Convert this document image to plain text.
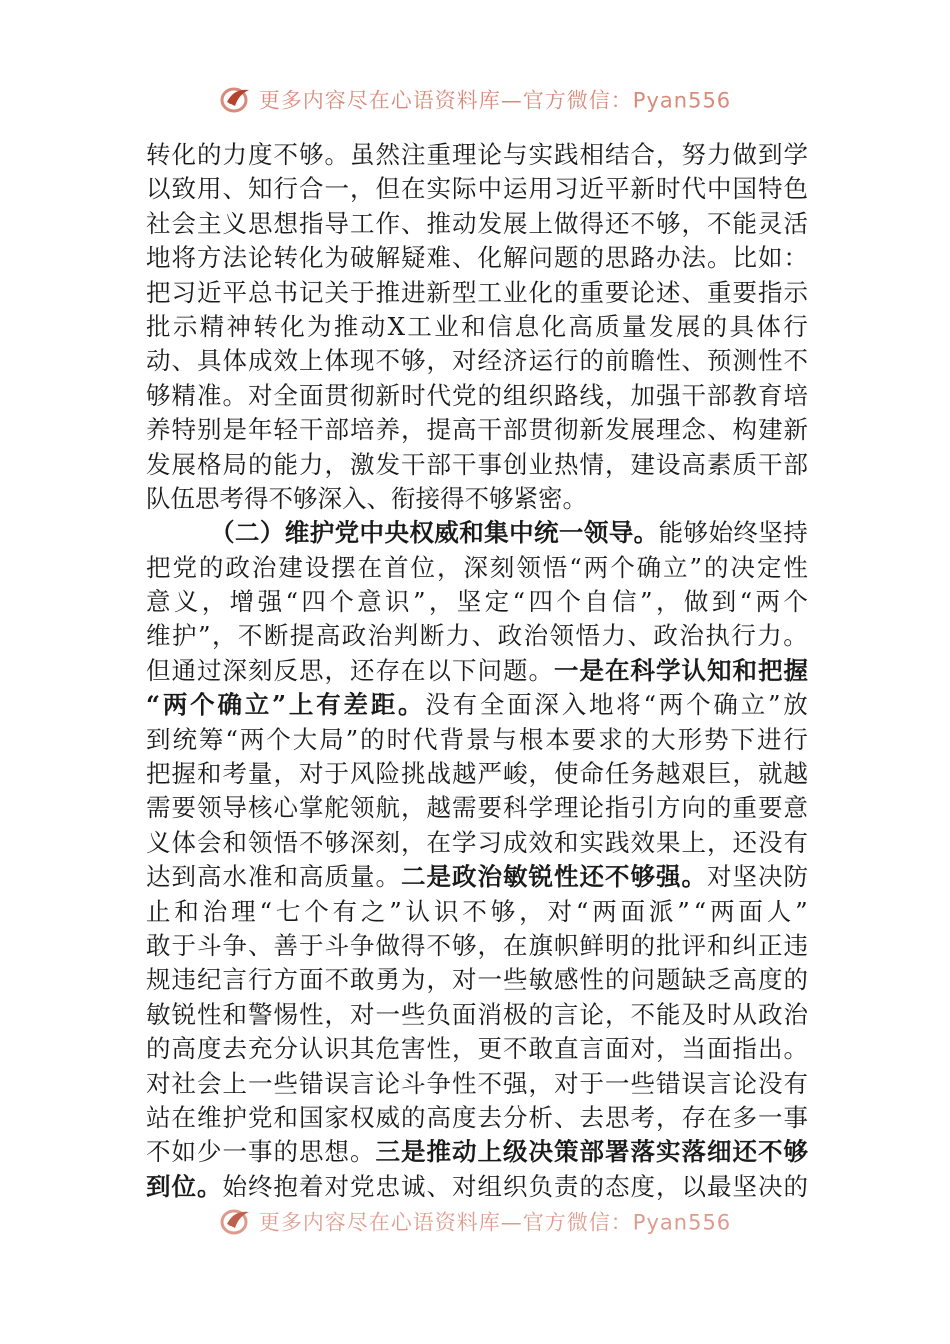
更多内容尽在心语资料库—官方微信：Pyan556
转 化 的 力 度 不 够 。 虽 然 注 重 理 论 与 实 践 相 结 合 ， 努 力 做 到 学
以 致 用 、 知 行 合 一 ， 但 在 实 际 中 运 用 习 近 平 新 时 代 中 国 特 色
社 会 主 义 思 想 指 导 工 作 、 推 动 发 展 上 做 得 还 不 够 ， 不 能 灵 活
地 将 方 法 论 转 化 为 破 解 疑 难 、 化 解 问 题 的 思 路 办 法 。 比 如 ：
把 习 近 平 总 书 记 关 于 推 进 新 型 工 业 化 的 重 要 论 述 、 重 要 指 示
批 示 精 神 转 化 为 推 动 X 工 业 和 信 息 化 高 质 量 发 展 的 具 体 行
动 、 具 体 成 效 上 体 现 不 够 ， 对 经 济 运 行 的 前 瞻 性 、 预 测 性 不
够 精 准 。 对 全 面 贯 彻 新 时 代 党 的 组 织 路 线 ， 加 强 干 部 教 育 培
养 特 别 是 年 轻 干 部 培 养 ， 提 高 干 部 贯 彻 新 发 展 理 念 、 构 建 新
发 展 格 局 的 能 力 ， 激 发 干 部 干 事 创 业 热 情 ， 建 设 高 素 质 干 部
队伍思考得不够深入、衔接得不够紧密。
（ 二 ） 维 护 党 中 央 权 威 和 集 中 统 一 领 导 。 能 够 始 终 坚 持
把 党 的 政 治 建 设 摆 在 首 位 ， 深 刻 领 悟 “ 两 个 确 立 ” 的 决 定 性
意 义 ， 增 强 “ 四 个 意 识 ” ， 坚 定 “ 四 个 自 信 ” ， 做 到 “ 两 个
维 护 ” ， 不 断 提 高 政 治 判 断 力 、 政 治 领 悟 力 、 政 治 执 行 力 。
但 通 过 深 刻 反 思 ， 还 存 在 以 下 问 题 。 一 是 在 科 学 认 知 和 把 握
“ 两 个 确 立 ” 上 有 差 距 。 没 有 全 面 深 入 地 将 “ 两 个 确 立 ” 放
到 统 筹 “ 两 个 大 局 ” 的 时 代 背 景 与 根 本 要 求 的 大 形 势 下 进 行
把 握 和 考 量 ， 对 于 风 险 挑 战 越 严 峻 ， 使 命 任 务 越 艰 巨 ， 就 越
需 要 领 导 核 心 掌 舵 领 航 ， 越 需 要 科 学 理 论 指 引 方 向 的 重 要 意
义 体 会 和 领 悟 不 够 深 刻 ， 在 学 习 成 效 和 实 践 效 果 上 ， 还 没 有
达 到 高 水 准 和 高 质 量 。 二 是 政 治 敏 锐 性 还 不 够 强 。 对 坚 决 防
止 和 治 理 “ 七 个 有 之 ” 认 识 不 够 ， 对 “ 两 面 派 ” “ 两 面 人 ”
敢 于 斗 争 、 善 于 斗 争 做 得 不 够 ， 在 旗 帜 鲜 明 的 批 评 和 纠 正 违
规 违 纪 言 行 方 面 不 敢 勇 为 ， 对 一 些 敏 感 性 的 问 题 缺 乏 高 度 的
敏 锐 性 和 警 惕 性 ， 对 一 些 负 面 消 极 的 言 论 ， 不 能 及 时 从 政 治
的 高 度 去 充 分 认 识 其 危 害 性 ， 更 不 敢 直 言 面 对 ， 当 面 指 出 。
对 社 会 上 一 些 错 误 言 论 斗 争 性 不 强 ， 对 于 一 些 错 误 言 论 没 有
站 在 维 护 党 和 国 家 权 威 的 高 度 去 分 析 、 去 思 考 ， 存 在 多 一 事
不 如 少 一 事 的 思 想 。 三 是 推 动 上 级 决 策 部 署 落 实 落 细 还 不 够
到 位 。 始 终 抱 着 对 党 忠 诚 、 对 组 织 负 责 的 态 度 ， 以 最 坚 决 的
更多内容尽在心语资料库—官方微信：Pyan556
